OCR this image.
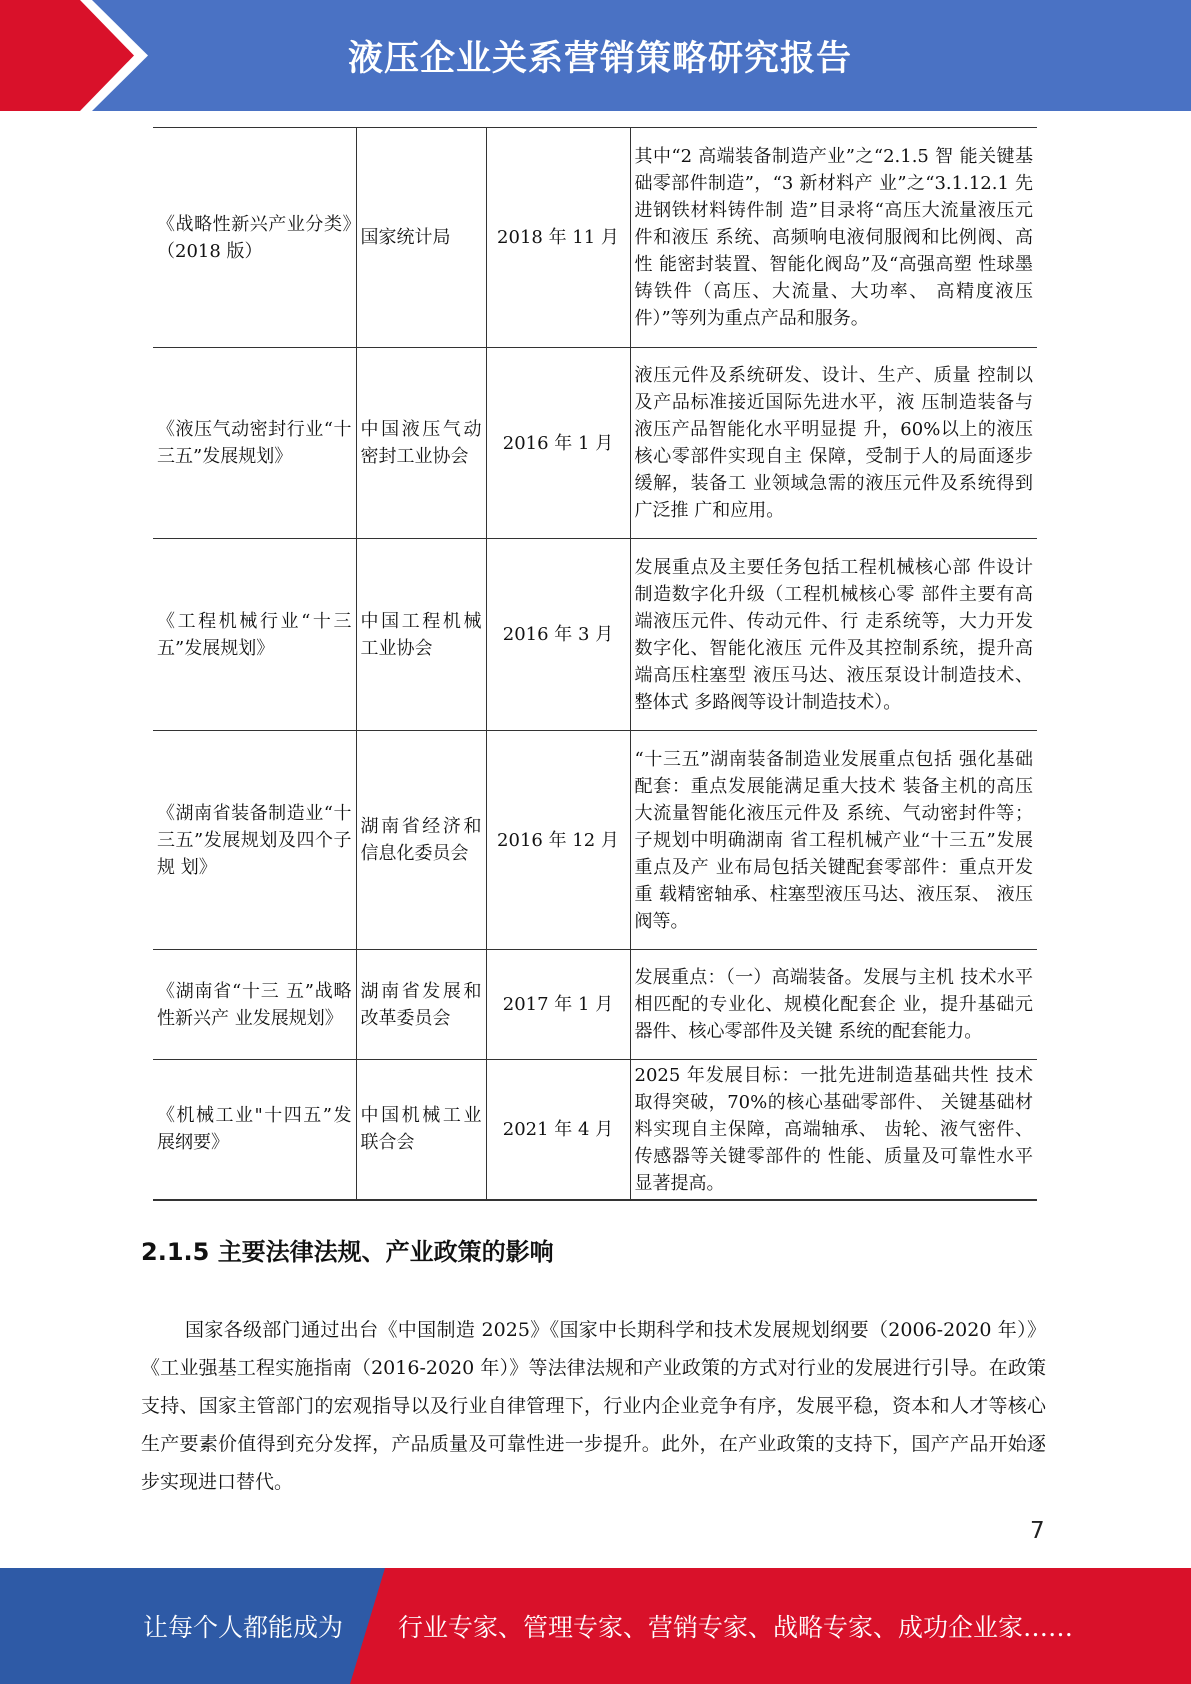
液压企业关系营销策略研究报告
《战略性新兴产业分类》（2018 版）	国家统计局	2018 年 11 月	其中“2 高端装备制造产业”之“2.1.5 智 能关键基础零部件制造”，“3 新材料产 业”之“3.1.12.1 先进钢铁材料铸件制 造”目录将“高压大流量液压元件和液压 系统、高频响电液伺服阀和比例阀、高性 能密封装置、智能化阀岛”及“高强高塑 性球墨铸铁件（高压、大流量、大功率、 高精度液压件）”等列为重点产品和服务。
《液压气动密封行业“十三五”发展规划》	中国液压气动密封工业协会	2016 年 1 月	液压元件及系统研发、设计、生产、质量 控制以及产品标准接近国际先进水平，液 压制造装备与液压产品智能化水平明显提 升，60%以上的液压核心零部件实现自主 保障，受制于人的局面逐步缓解，装备工 业领域急需的液压元件及系统得到广泛推 广和应用。
《工程机械行业“十三五”发展规划》	中国工程机械工业协会	2016 年 3 月	发展重点及主要任务包括工程机械核心部 件设计制造数字化升级（工程机械核心零 部件主要有高端液压元件、传动元件、行 走系统等，大力开发数字化、智能化液压 元件及其控制系统，提升高端高压柱塞型 液压马达、液压泵设计制造技术、整体式 多路阀等设计制造技术）。
《湖南省装备制造业“十三五”发展规划及四个子规 划》	湖南省经济和信息化委员会	2016 年 12 月	“十三五”湖南装备制造业发展重点包括 强化基础配套：重点发展能满足重大技术 装备主机的高压大流量智能化液压元件及 系统、气动密封件等；子规划中明确湖南 省工程机械产业“十三五”发展重点及产 业布局包括关键配套零部件：重点开发重 载精密轴承、柱塞型液压马达、液压泵、 液压阀等。
《湖南省“十三 五”战略性新兴产 业发展规划》	湖南省发展和改革委员会	2017 年 1 月	发展重点：（一）高端装备。发展与主机 技术水平相匹配的专业化、规模化配套企 业，提升基础元器件、核心零部件及关键 系统的配套能力。
《机械工业"十四五”发展纲要》	中国机械工业联合会	2021 年 4 月	2025 年发展目标：一批先进制造基础共性 技术取得突破，70%的核心基础零部件、 关键基础材料实现自主保障，高端轴承、 齿轮、液气密件、传感器等关键零部件的 性能、质量及可靠性水平显著提高。
2.1.5 主要法律法规、产业政策的影响

国家各级部门通过出台《中国制造 2025》《国家中长期科学和技术发展规划纲要（2006-2020 年）》《工业强基工程实施指南（2016-2020 年）》等法律法规和产业政策的方式对行业的发展进行引导。在政策支持、国家主管部门的宏观指导以及行业自律管理下，行业内企业竞争有序，发展平稳，资本和人才等核心生产要素价值得到充分发挥，产品质量及可靠性进一步提升。此外，在产业政策的支持下，国产产品开始逐步实现进口替代。

7
让每个人都能成为 行业专家、管理专家、营销专家、战略专家、成功企业家……
